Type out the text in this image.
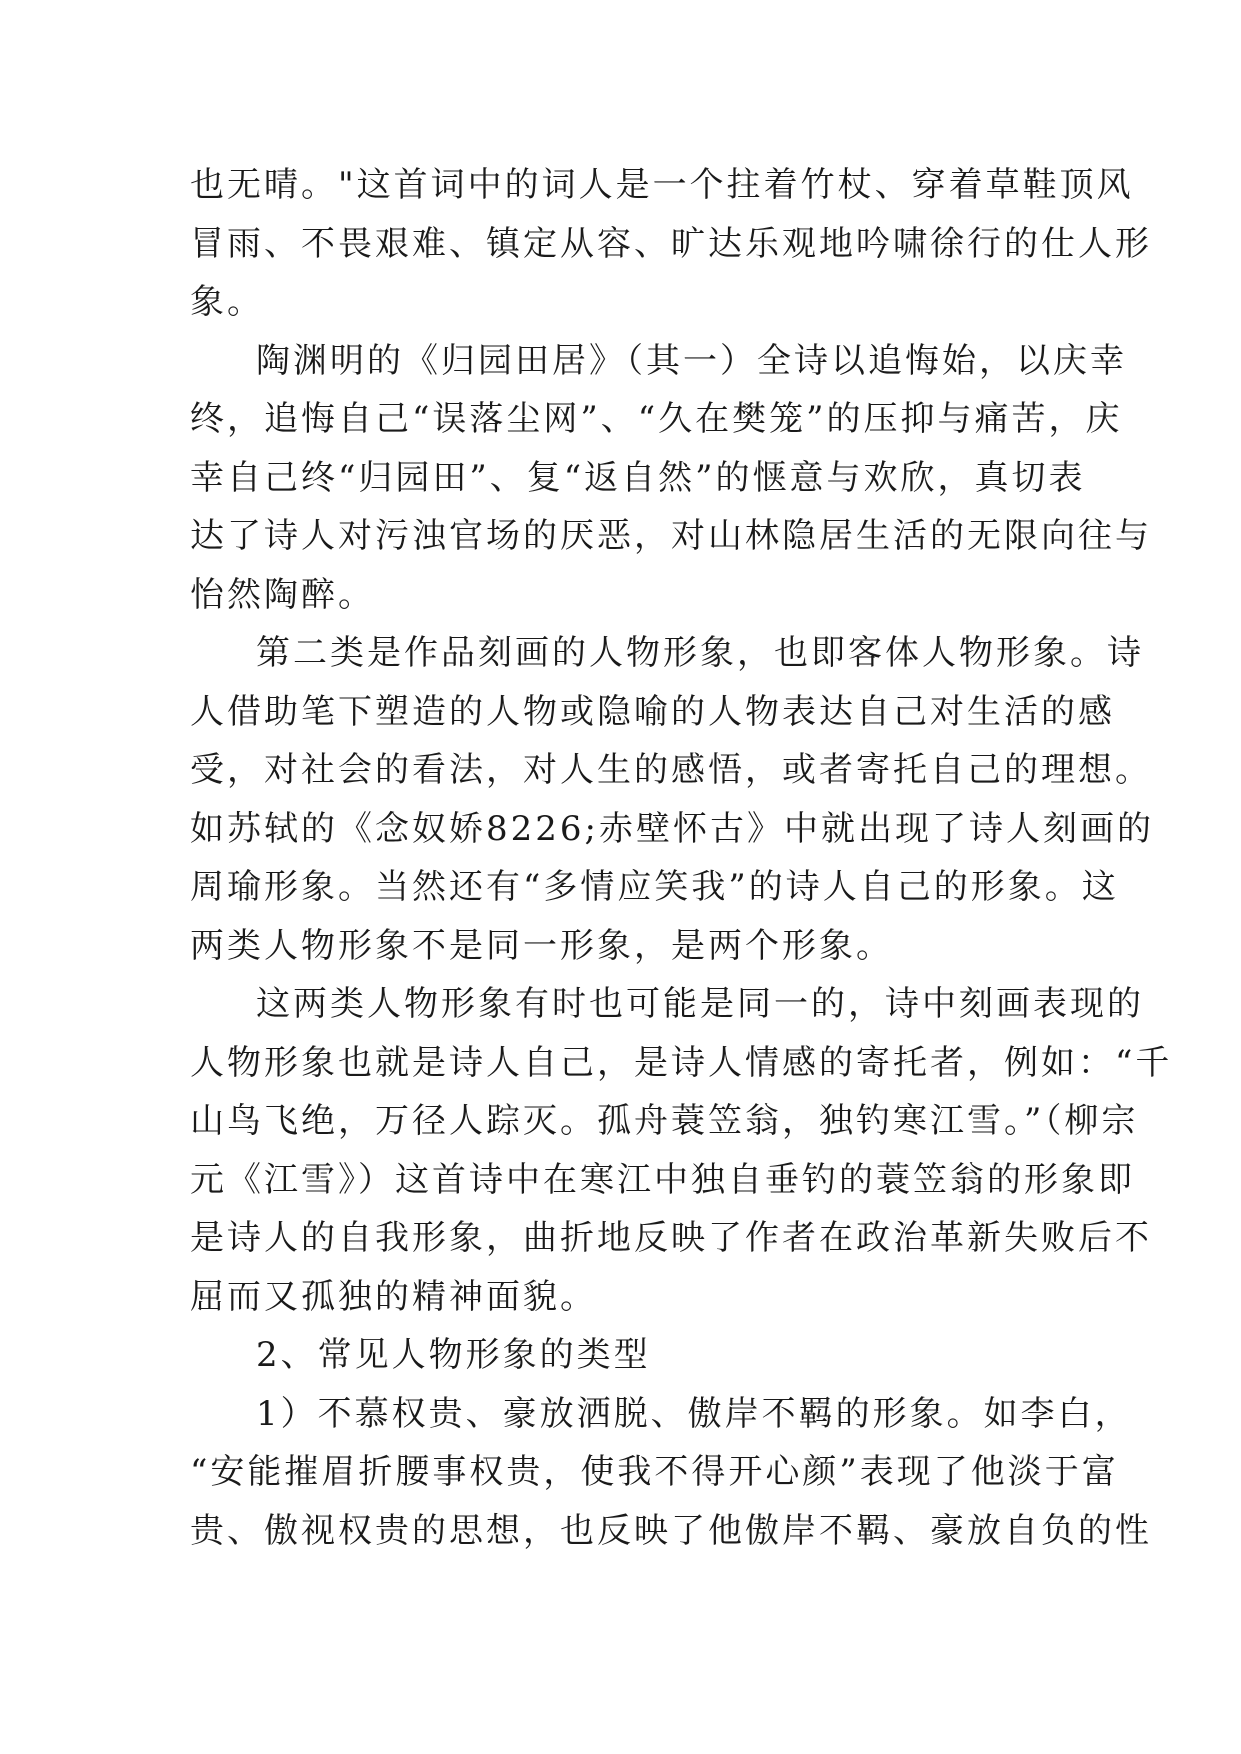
也无晴。"这首词中的词人是一个拄着竹杖、穿着草鞋顶风
冒雨、不畏艰难、镇定从容、旷达乐观地吟啸徐行的仕人形
象。
陶渊明的《归园田居》（其一）全诗以追悔始，以庆幸
终，追悔自己“误落尘网”、“久在樊笼”的压抑与痛苦，庆
幸自己终“归园田”、复“返自然”的惬意与欢欣，真切表
达了诗人对污浊官场的厌恶，对山林隐居生活的无限向往与
怡然陶醉。
第二类是作品刻画的人物形象，也即客体人物形象。诗
人借助笔下塑造的人物或隐喻的人物表达自己对生活的感
受，对社会的看法，对人生的感悟，或者寄托自己的理想。
如苏轼的《念奴娇8226;赤壁怀古》中就出现了诗人刻画的
周瑜形象。当然还有“多情应笑我”的诗人自己的形象。这
两类人物形象不是同一形象，是两个形象。
这两类人物形象有时也可能是同一的，诗中刻画表现的
人物形象也就是诗人自己，是诗人情感的寄托者，例如：“千
山鸟飞绝，万径人踪灭。孤舟蓑笠翁，独钓寒江雪。”（柳宗
元《江雪》）这首诗中在寒江中独自垂钓的蓑笠翁的形象即
是诗人的自我形象，曲折地反映了作者在政治革新失败后不
屈而又孤独的精神面貌。
2、常见人物形象的类型
1）不慕权贵、豪放洒脱、傲岸不羁的形象。如李白，
“安能摧眉折腰事权贵，使我不得开心颜”表现了他淡于富
贵、傲视权贵的思想，也反映了他傲岸不羁、豪放自负的性
